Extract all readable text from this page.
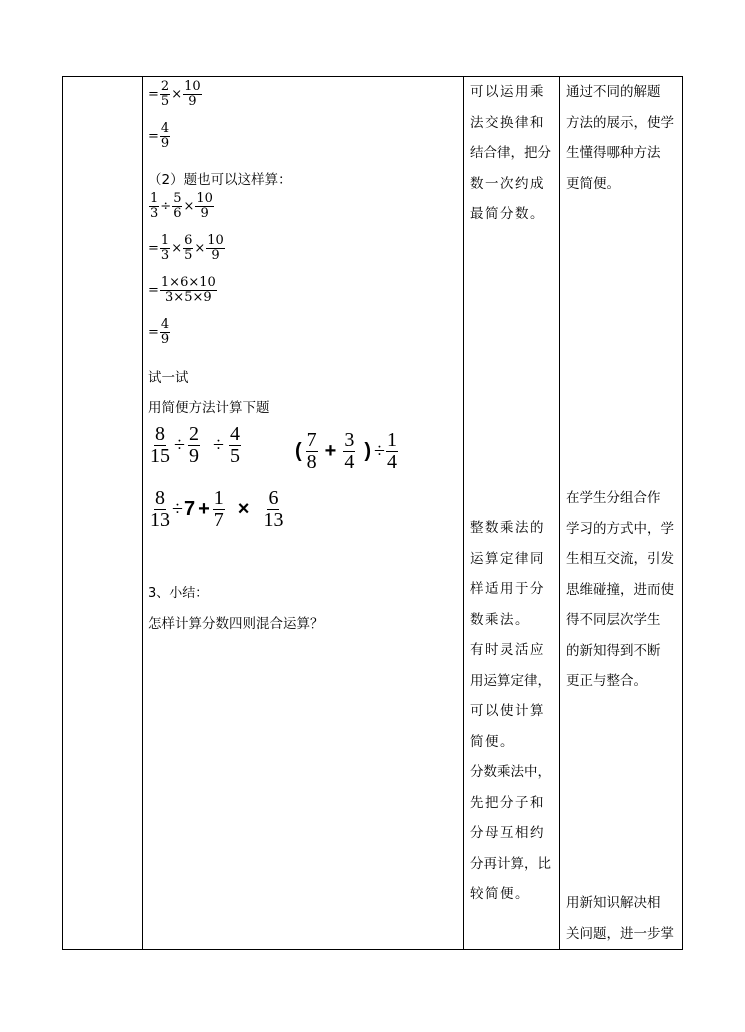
= $\frac{2}{5} \times \frac{10}{9}$
= $\frac{4}{9}$
（2）题也可以这样算：
$\frac{1}{3} \div \frac{5}{6} \times \frac{10}{9}$
= $\frac{1}{3} \times \frac{6}{5} \times \frac{10}{9}$
= $\frac{1\times 6\times 10}{3\times 5\times 9}$
= $\frac{4}{9}$
试一试
用简便方法计算下题
$\frac{8}{15} \div \frac{2}{9} \div \frac{4}{5}$	( $\frac{7}{8} + \frac{3}{4}$ ) ÷ $\frac{1}{4}$
$\frac{8}{13} \div 7 + \frac{1}{7} \times \frac{6}{13}$
3、小结：
怎样计算分数四则混合运算？
可以运用乘
法交换律和
结合律，把分
数一次约成
最简分数。
整数乘法的
运算定律同
样适用于分
数乘法。
有时灵活应
用运算定律，
可以使计算
简便。
分数乘法中，
先把分子和
分母互相约
分再计算，比
较简便。
通过不同的解题
方法的展示，使学
生懂得哪种方法
更简便。
在学生分组合作
学习的方式中，学
生相互交流，引发
思维碰撞，进而使
得不同层次学生
的新知得到不断
更正与整合。
用新知识解决相
关问题，进一步掌
